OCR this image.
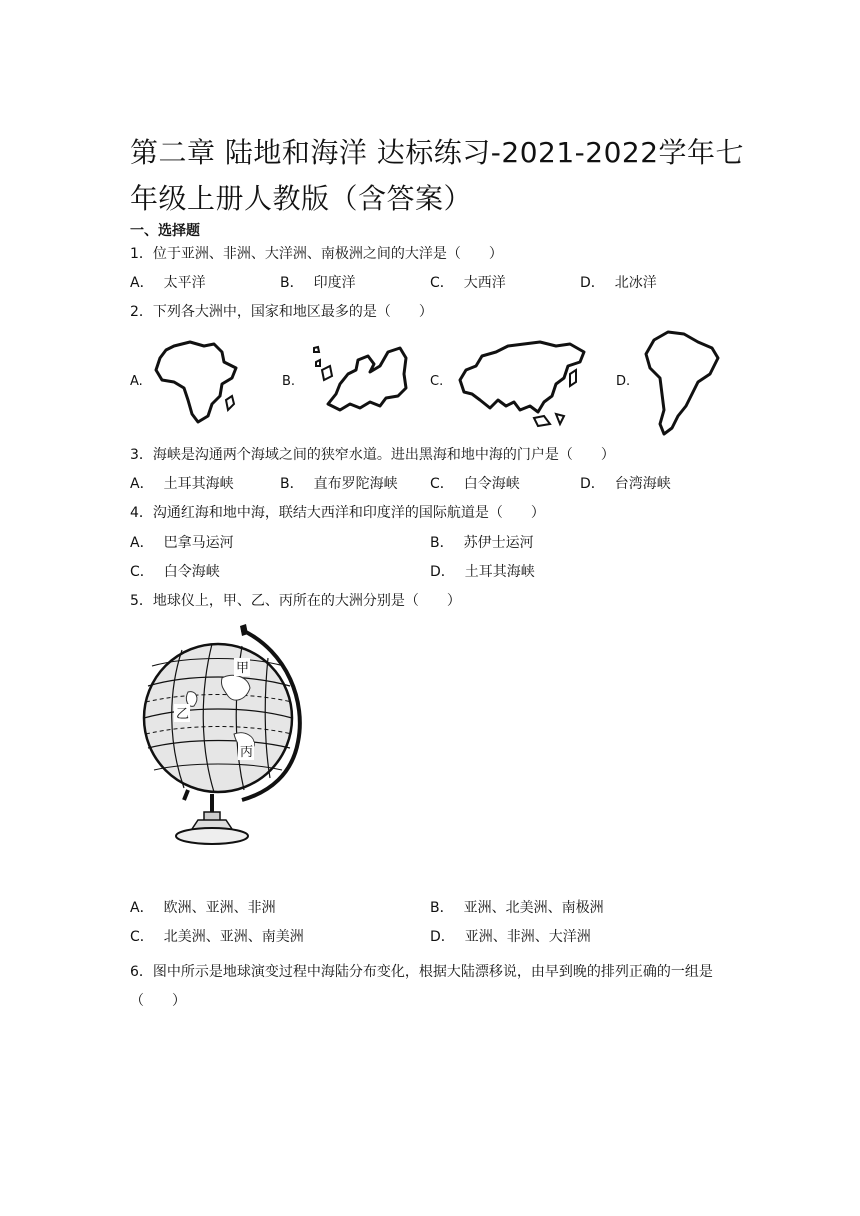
第二章 陆地和海洋 达标练习-2021-2022学年七年级上册人教版（含答案）
一、选择题
1．位于亚洲、非洲、大洋洲、南极洲之间的大洋是（　　）
A． 太平洋	B． 印度洋	C． 大西洋	D． 北冰洋
2．下列各大洲中，国家和地区最多的是（　　）
A.	B.	C.	D.
3．海峡是沟通两个海域之间的狭窄水道。进出黑海和地中海的门户是（　　）
A． 土耳其海峡	B． 直布罗陀海峡 C． 白令海峡	D． 台湾海峡
4．沟通红海和地中海，联结大西洋和印度洋的国际航道是（　　）
A． 巴拿马运河	B． 苏伊士运河
C． 白令海峡	D． 土耳其海峡
5．地球仪上，甲、乙、丙所在的大洲分别是（　　）
甲
乙
丙
A． 欧洲、亚洲、非洲	B． 亚洲、北美洲、南极洲
C． 北美洲、亚洲、南美洲	D． 亚洲、非洲、大洋洲
6．图中所示是地球演变过程中海陆分布变化，根据大陆漂移说，由早到晚的排列正确的一组是（　　）
